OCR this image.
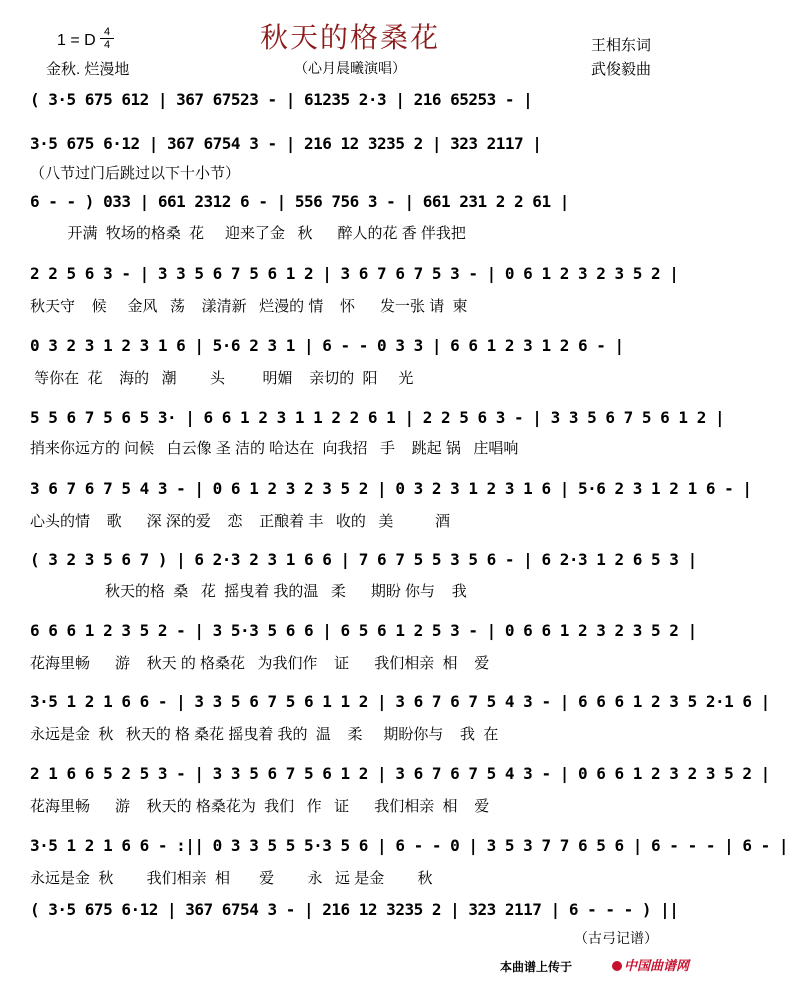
秋天的格桑花
1 = D 4
4
金秋. 烂漫地	（心月晨曦演唱）
王相东词
武俊毅曲
( 3·5 675 612 | 367 67523 - | 61235 2·3 | 216 65253 - |
3·5 675 6·12 | 367 6754 3 - | 216 12 3235 2 | 323 2117 |
（八节过门后跳过以下十小节）
6 - - ) 033 | 661 2312 6 - | 556 756 3 - | 661 231 2 2 61 |
开满  牧场的格桑  花     迎来了金   秋      醉人的花 香 伴我把
2 2 5 6 3 - | 3 3 5 6 7 5 6 1 2 | 3 6 7 6 7 5 3 - | 0 6 1 2 3 2 3 5 2 |
秋天守    候     金风   荡    漾清新   烂漫的 情    怀      发一张 请  柬
0 3 2 3 1 2 3 1 6 | 5·6 2 3 1 | 6 - - 0 3 3 | 6 6 1 2 3 1 2 6 - |
等你在  花    海的   潮        头         明媚    亲切的  阳     光
5 5 6 7 5 6 5 3· | 6 6 1 2 3 1 1 2 2 6 1 | 2 2 5 6 3 - | 3 3 5 6 7 5 6 1 2 |
捎来你远方的 问候   白云像 圣 洁的 哈达在  向我招   手    跳起 锅   庄唱响
3 6 7 6 7 5 4 3 - | 0 6 1 2 3 2 3 5 2 | 0 3 2 3 1 2 3 1 6 | 5·6 2 3 1 2 1 6 - |
心头的情    歌      深 深的爱    恋    正酿着 丰   收的   美          酒
( 3 2 3 5 6 7 ) | 6 2·3 2 3 1 6 6 | 7 6 7 5 5 3 5 6 - | 6 2·3 1 2 6 5 3 |
秋天的格  桑   花  摇曳着 我的温   柔      期盼 你与    我
6 6 6 1 2 3 5 2 - | 3 5·3 5 6 6 | 6 5 6 1 2 5 3 - | 0 6 6 1 2 3 2 3 5 2 |
花海里畅      游    秋天 的 格桑花   为我们作    证      我们相亲  相    爱
3·5 1 2 1 6 6 - | 3 3 5 6 7 5 6 1 1 2 | 3 6 7 6 7 5 4 3 - | 6 6 6 1 2 3 5 2·1 6 |
永远是金  秋   秋天的 格 桑花 摇曳着 我的  温    柔     期盼你与    我  在
2 1 6 6 5 2 5 3 - | 3 3 5 6 7 5 6 1 2 | 3 6 7 6 7 5 4 3 - | 0 6 6 1 2 3 2 3 5 2 |
花海里畅      游    秋天的 格桑花为  我们   作   证      我们相亲  相    爱
3·5 1 2 1 6 6 - :|| 0 3 3 5 5 5·3 5 6 | 6 - - 0 | 3 5 3 7 7 6 5 6 | 6 - - - | 6 - |
永远是金  秋        我们相亲  相       爱        永   远 是金        秋
( 3·5 675 6·12 | 367 6754 3 - | 216 12 3235 2 | 323 2117 | 6 - - - ) ||
（古弓记谱）
本曲谱上传于	中国曲谱网
